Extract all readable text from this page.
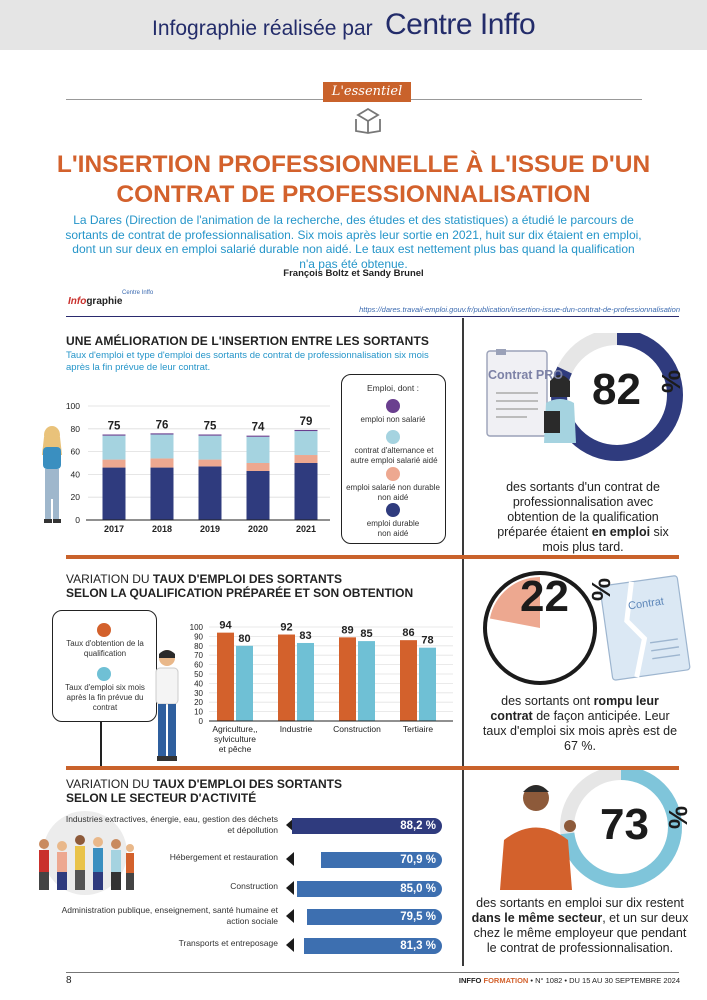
Infographie réalisée par Centre Inffo
L'essentiel
L'INSERTION PROFESSIONNELLE À L'ISSUE D'UN CONTRAT DE PROFESSIONNALISATION
La Dares (Direction de l'animation de la recherche, des études et des statistiques) a étudié le parcours de sortants de contrat de professionnalisation. Six mois après leur sortie en 2021, huit sur dix étaient en emploi, dont un sur deux en emploi salarié durable non aidé. Le taux est nettement plus bas quand la qualification n'a pas été obtenue.
François Boltz et Sandy Brunel
Infographie
Centre Inffo
https://dares.travail-emploi.gouv.fr/publication/insertion-issue-dun-contrat-de-professionnalisation
UNE AMÉLIORATION DE L'INSERTION ENTRE LES SORTANTS
Taux d'emploi et type d'emploi des sortants de contrat de professionnalisation six mois après la fin prévue de leur contrat.
100
80
60
40
20
0
75
2017
76
2018
75
2019
74
2020
79
2021
Emploi, dont :
emploi non salarié
contrat d'alternance et autre emploi salarié aidé
emploi salarié non durable non aidé
emploi durable non aidé
Contrat PRO 82 %
des sortants d'un contrat de professionnalisation avec obtention de la qualification préparée étaient en emploi six mois plus tard.
VARIATION DU TAUX D'EMPLOI DES SORTANTS
SELON LA QUALIFICATION PRÉPARÉE ET SON OBTENTION
Taux d'obtention de la qualification
Taux d'emploi six mois après la fin prévue du contrat
100
90
80
70
60
50
40
30
20
10
0
94
80
Agriculture,, sylviculture et pêche
92
83
Industrie
89 85
Construction
86
78
Tertiaire
Contrat
22 %
des sortants ont rompu leur contrat de façon anticipée. Leur taux d'emploi six mois après est de 67 %.
VARIATION DU TAUX D'EMPLOI DES SORTANTS
SELON LE SECTEUR D'ACTIVITÉ
Industries extractives, énergie, eau, gestion des déchets et dépollution	88,2 %
Hébergement et restauration	70,9 %
Construction	85,0 %
Administration publique, enseignement, santé humaine et action sociale	79,5 %
Transports et entreposage	81,3 %
73 %
des sortants en emploi sur dix restent dans le même secteur, et un sur deux chez le même employeur que pendant le contrat de professionnalisation.
8	INFFO FORMATION • N° 1082 • DU 15 AU 30 SEPTEMBRE 2024
